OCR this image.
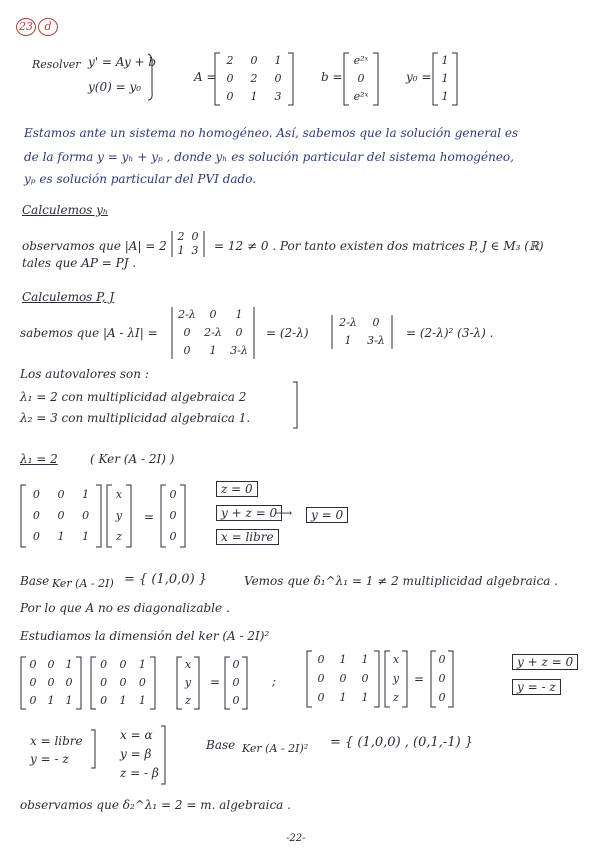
23	d
Resolver y' = Ay + b
y(0) = y₀
A =
2	0	1
0	2	0
0	1	3
b =
e²ˣ
0
e²ˣ
y₀ =
1
1
1
Estamos ante un sistema no homogéneo. Así, sabemos que la solución general es
de la forma y = yₕ + yₚ , donde yₕ es solución particular del sistema homogéneo,
yₚ es solución particular del PVI dado.
Calculemos yₕ
observamos que |A| = 2
2 0
1 3 = 12 ≠ 0 . Por tanto existen dos matrices P, J ∈ M₃ (ℝ)
tales que AP = PJ .
Calculemos P, J
sabemos que |A - λI| =
2-λ	0	1
0	2-λ	0
0	1	3-λ
= (2-λ)
2-λ	0
1	3-λ
= (2-λ)² (3-λ) .
Los autovalores son :
λ₁ = 2 con multiplicidad algebraica 2
λ₂ = 3 con multiplicidad algebraica 1.
λ₁ = 2	( Ker (A - 2I) )
0	0	1
0	0	0
0	1	1
x
y
z
=
0
0
0
z = 0
y + z = 0
⟶	y = 0
x = libre
Base Ker (A - 2I) = { (1,0,0) }	Vemos que δ₁^λ₁ = 1 ≠ 2 multiplicidad algebraica .
Por lo que A no es diagonalizable .
Estudiamos la dimensión del ker (A - 2I)²
0	0	1
0	0	0
0	1	1
0	0	1
0	0	0
0	1	1
x
y
z
=
0
0
0
;
0	1	1
0	0	0
0	1	1
x
y
z
=
0
0
0
y + z = 0
y = - z
x = libre
y = - z
x = α
y = β
z = - β
Base Ker (A - 2I)² = { (1,0,0) , (0,1,-1) }
observamos que δ₂^λ₁ = 2 = m. algebraica .
-22-
